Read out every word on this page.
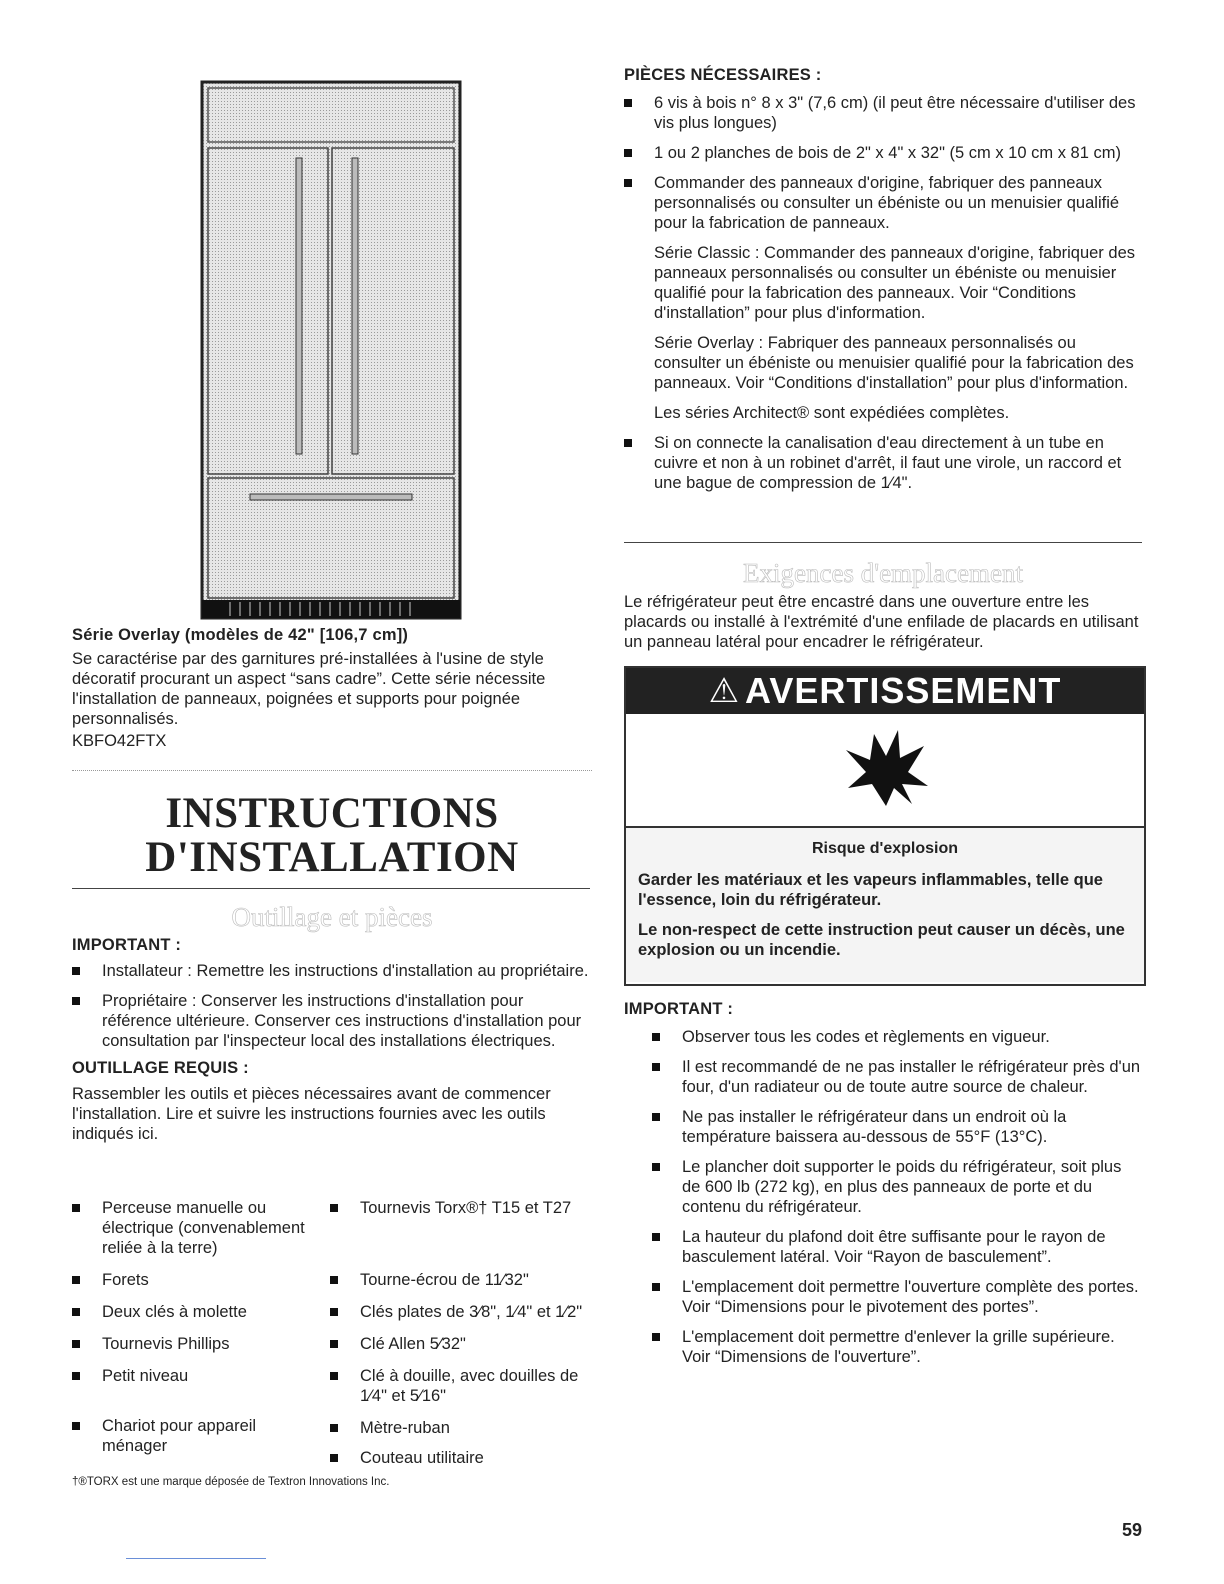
Série Overlay (modèles de 42" [106,7 cm])

Se caractérise par des garnitures pré-installées à l'usine de style décoratif procurant un aspect “sans cadre”. Cette série nécessite l'installation de panneaux, poignées et supports pour poignée personnalisés.

KBFO42FTX

INSTRUCTIONS
D'INSTALLATION
Outillage et pièces
IMPORTANT :
Installateur : Remettre les instructions d'installation au propriétaire.
Propriétaire : Conserver les instructions d'installation pour référence ultérieure. Conserver ces instructions d'installation pour consultation par l'inspecteur local des installations électriques.
OUTILLAGE REQUIS :

Rassembler les outils et pièces nécessaires avant de commencer l'installation. Lire et suivre les instructions fournies avec les outils indiqués ici.

Perceuse manuelle ou électrique (convenablement reliée à la terre)
Forets
Deux clés à molette
Tournevis Phillips
Petit niveau
Chariot pour appareil ménager
Tournevis Torx®† T15 et T27
Tourne-écrou de 11⁄32"
Clés plates de 3⁄8", 1⁄4" et 1⁄2"
Clé Allen 5⁄32"
Clé à douille, avec douilles de 1⁄4" et 5⁄16"
Mètre-ruban
Couteau utilitaire
†®TORX est une marque déposée de Textron Innovations Inc.
PIÈCES NÉCESSAIRES :
6 vis à bois n° 8 x 3" (7,6 cm) (il peut être nécessaire d'utiliser des vis plus longues)
1 ou 2 planches de bois de 2" x 4" x 32" (5 cm x 10 cm x 81 cm)
Commander des panneaux d'origine, fabriquer des panneaux personnalisés ou consulter un ébéniste ou un menuisier qualifié pour la fabrication de panneaux.

Série Classic : Commander des panneaux d'origine, fabriquer des panneaux personnalisés ou consulter un ébéniste ou menuisier qualifié pour la fabrication des panneaux. Voir “Conditions d'installation” pour plus d'information.

Série Overlay : Fabriquer des panneaux personnalisés ou consulter un ébéniste ou menuisier qualifié pour la fabrication des panneaux. Voir “Conditions d'installation” pour plus d'information.

Les séries Architect® sont expédiées complètes.

Si on connecte la canalisation d'eau directement à un tube en cuivre et non à un robinet d'arrêt, il faut une virole, un raccord et une bague de compression de 1⁄4".
Exigences d'emplacement

Le réfrigérateur peut être encastré dans une ouverture entre les placards ou installé à l'extrémité d'une enfilade de placards en utilisant un panneau latéral pour encadrer le réfrigérateur.

⚠ AVERTISSEMENT
Risque d'explosion

Garder les matériaux et les vapeurs inflammables, telle que l'essence, loin du réfrigérateur.

Le non-respect de cette instruction peut causer un décès, une explosion ou un incendie.

IMPORTANT :
Observer tous les codes et règlements en vigueur.
Il est recommandé de ne pas installer le réfrigérateur près d'un four, d'un radiateur ou de toute autre source de chaleur.
Ne pas installer le réfrigérateur dans un endroit où la température baissera au-dessous de 55°F (13°C).
Le plancher doit supporter le poids du réfrigérateur, soit plus de 600 lb (272 kg), en plus des panneaux de porte et du contenu du réfrigérateur.
La hauteur du plafond doit être suffisante pour le rayon de basculement latéral. Voir “Rayon de basculement”.
L'emplacement doit permettre l'ouverture complète des portes. Voir “Dimensions pour le pivotement des portes”.
L'emplacement doit permettre d'enlever la grille supérieure. Voir “Dimensions de l'ouverture”.
59
